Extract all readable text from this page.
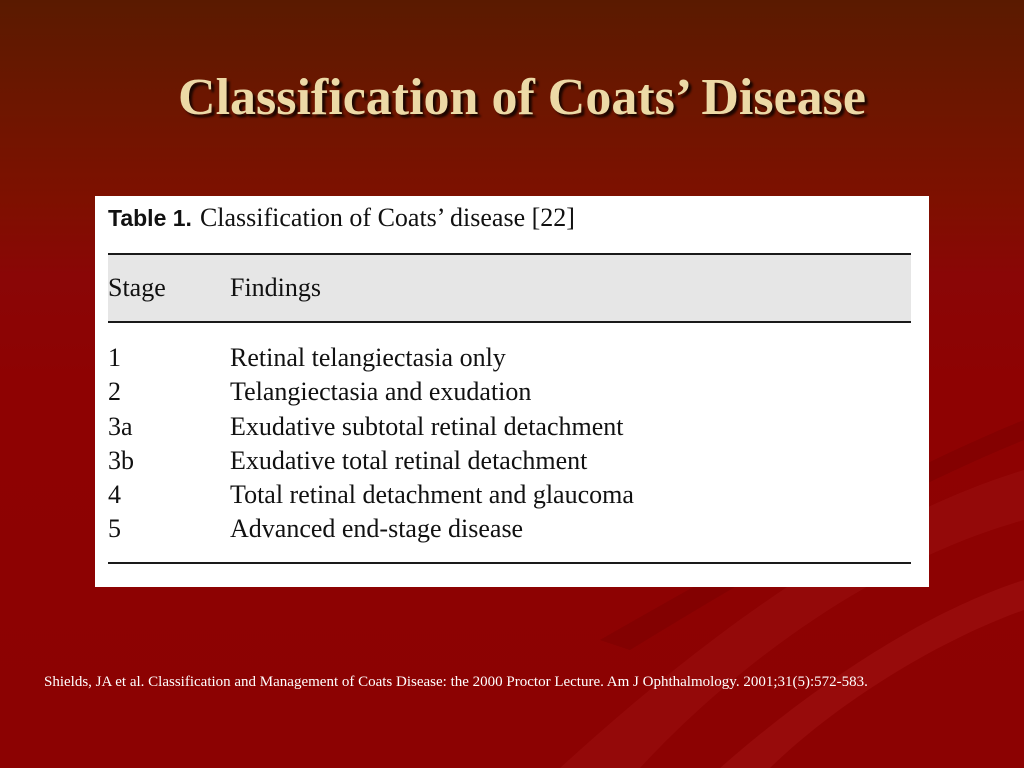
Classification of Coats’ Disease
Table 1. Classification of Coats’ disease [22]
Stage Findings
1	Retinal telangiectasia only
2	Telangiectasia and exudation
3a	Exudative subtotal retinal detachment
3b	Exudative total retinal detachment
4	Total retinal detachment and glaucoma
5	Advanced end-stage disease
Shields, JA et al. Classification and Management of Coats Disease: the 2000 Proctor Lecture. Am J Ophthalmology. 2001;31(5):572-583.
